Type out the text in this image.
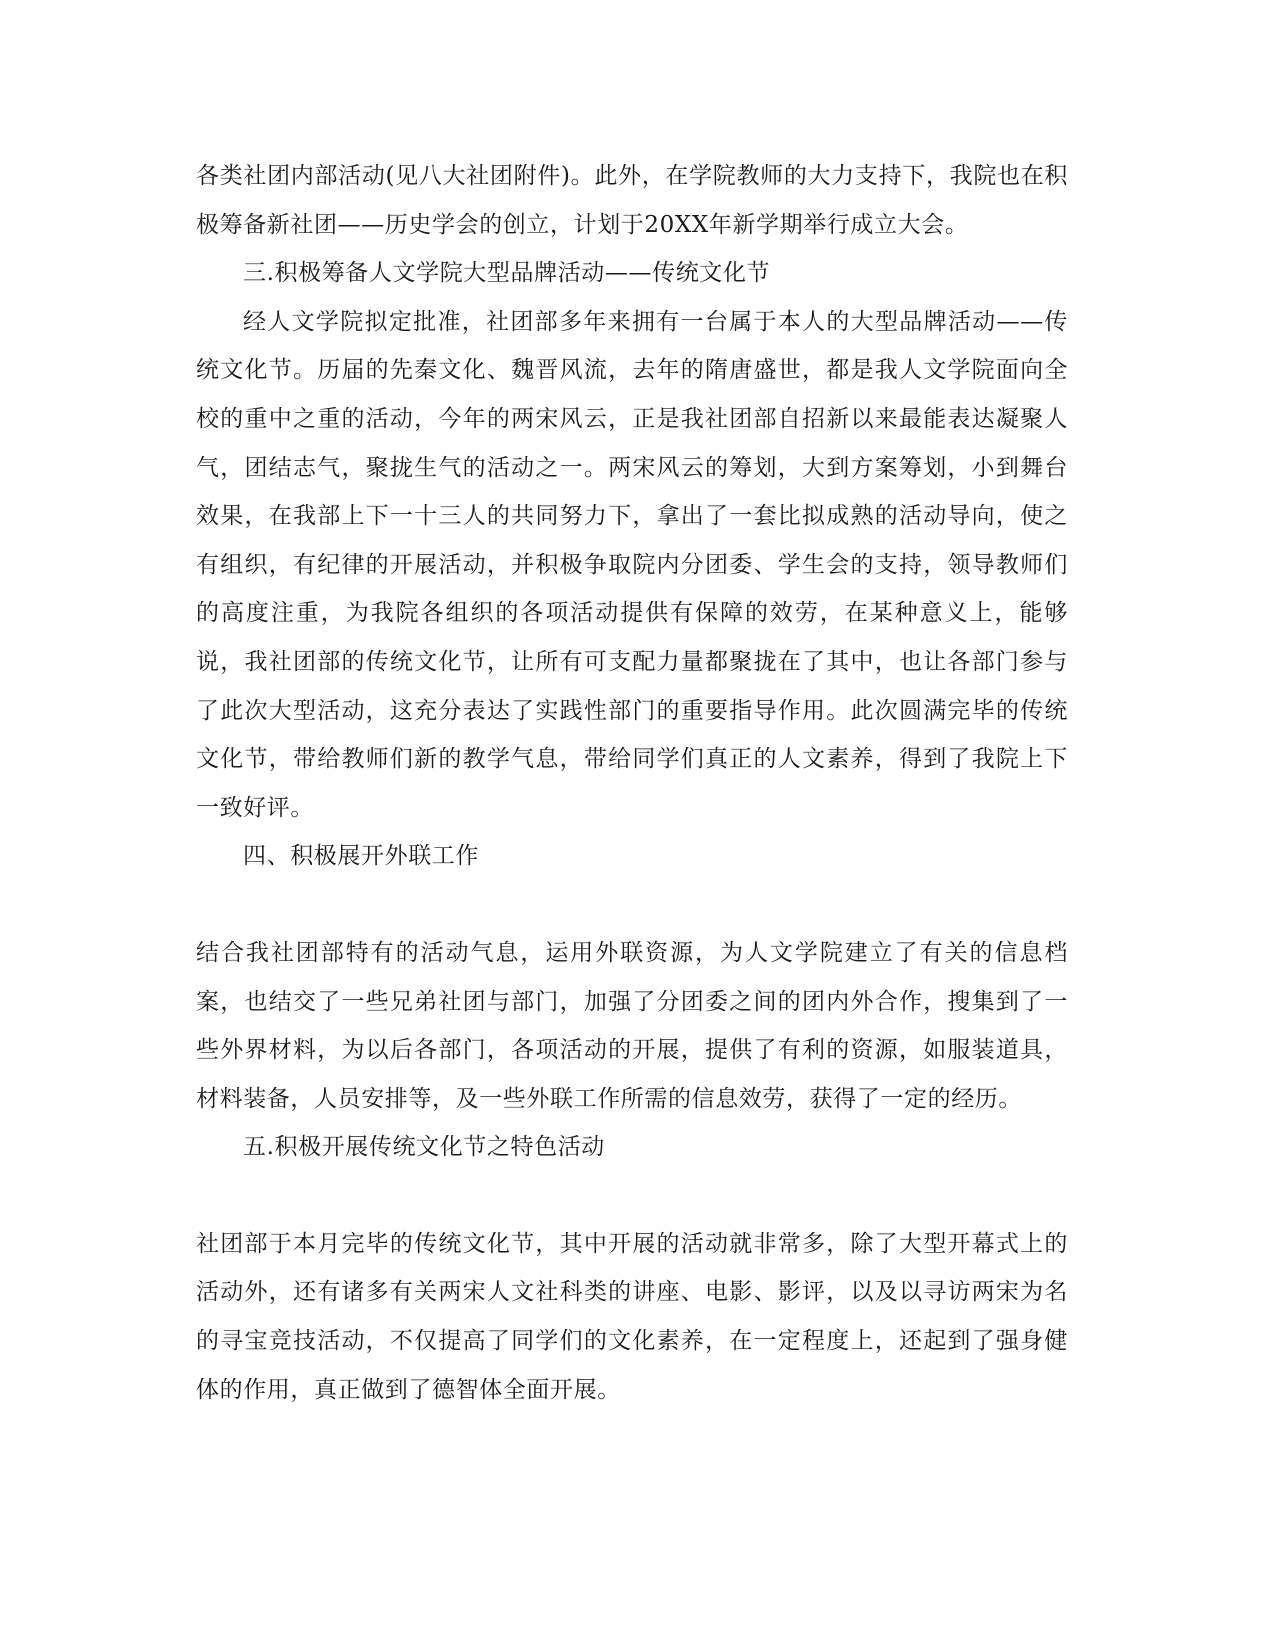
各类社团内部活动(见八大社团附件)。此外，在学院教师的大力支持下，我院也在积极筹备新社团——历史学会的创立，计划于20XX年新学期举行成立大会。

三.积极筹备人文学院大型品牌活动——传统文化节

经人文学院拟定批准，社团部多年来拥有一台属于本人的大型品牌活动——传统文化节。历届的先秦文化、魏晋风流，去年的隋唐盛世，都是我人文学院面向全校的重中之重的活动，今年的两宋风云，正是我社团部自招新以来最能表达凝聚人气，团结志气，聚拢生气的活动之一。两宋风云的筹划，大到方案筹划，小到舞台效果，在我部上下一十三人的共同努力下，拿出了一套比拟成熟的活动导向，使之有组织，有纪律的开展活动，并积极争取院内分团委、学生会的支持，领导教师们的高度注重，为我院各组织的各项活动提供有保障的效劳，在某种意义上，能够说，我社团部的传统文化节，让所有可支配力量都聚拢在了其中，也让各部门参与了此次大型活动，这充分表达了实践性部门的重要指导作用。此次圆满完毕的传统文化节，带给教师们新的教学气息，带给同学们真正的人文素养，得到了我院上下一致好评。

四、积极展开外联工作

结合我社团部特有的活动气息，运用外联资源，为人文学院建立了有关的信息档案，也结交了一些兄弟社团与部门，加强了分团委之间的团内外合作，搜集到了一些外界材料，为以后各部门，各项活动的开展，提供了有利的资源，如服装道具，材料装备，人员安排等，及一些外联工作所需的信息效劳，获得了一定的经历。

五.积极开展传统文化节之特色活动

社团部于本月完毕的传统文化节，其中开展的活动就非常多，除了大型开幕式上的活动外，还有诸多有关两宋人文社科类的讲座、电影、影评，以及以寻访两宋为名的寻宝竞技活动，不仅提高了同学们的文化素养，在一定程度上，还起到了强身健体的作用，真正做到了德智体全面开展。
